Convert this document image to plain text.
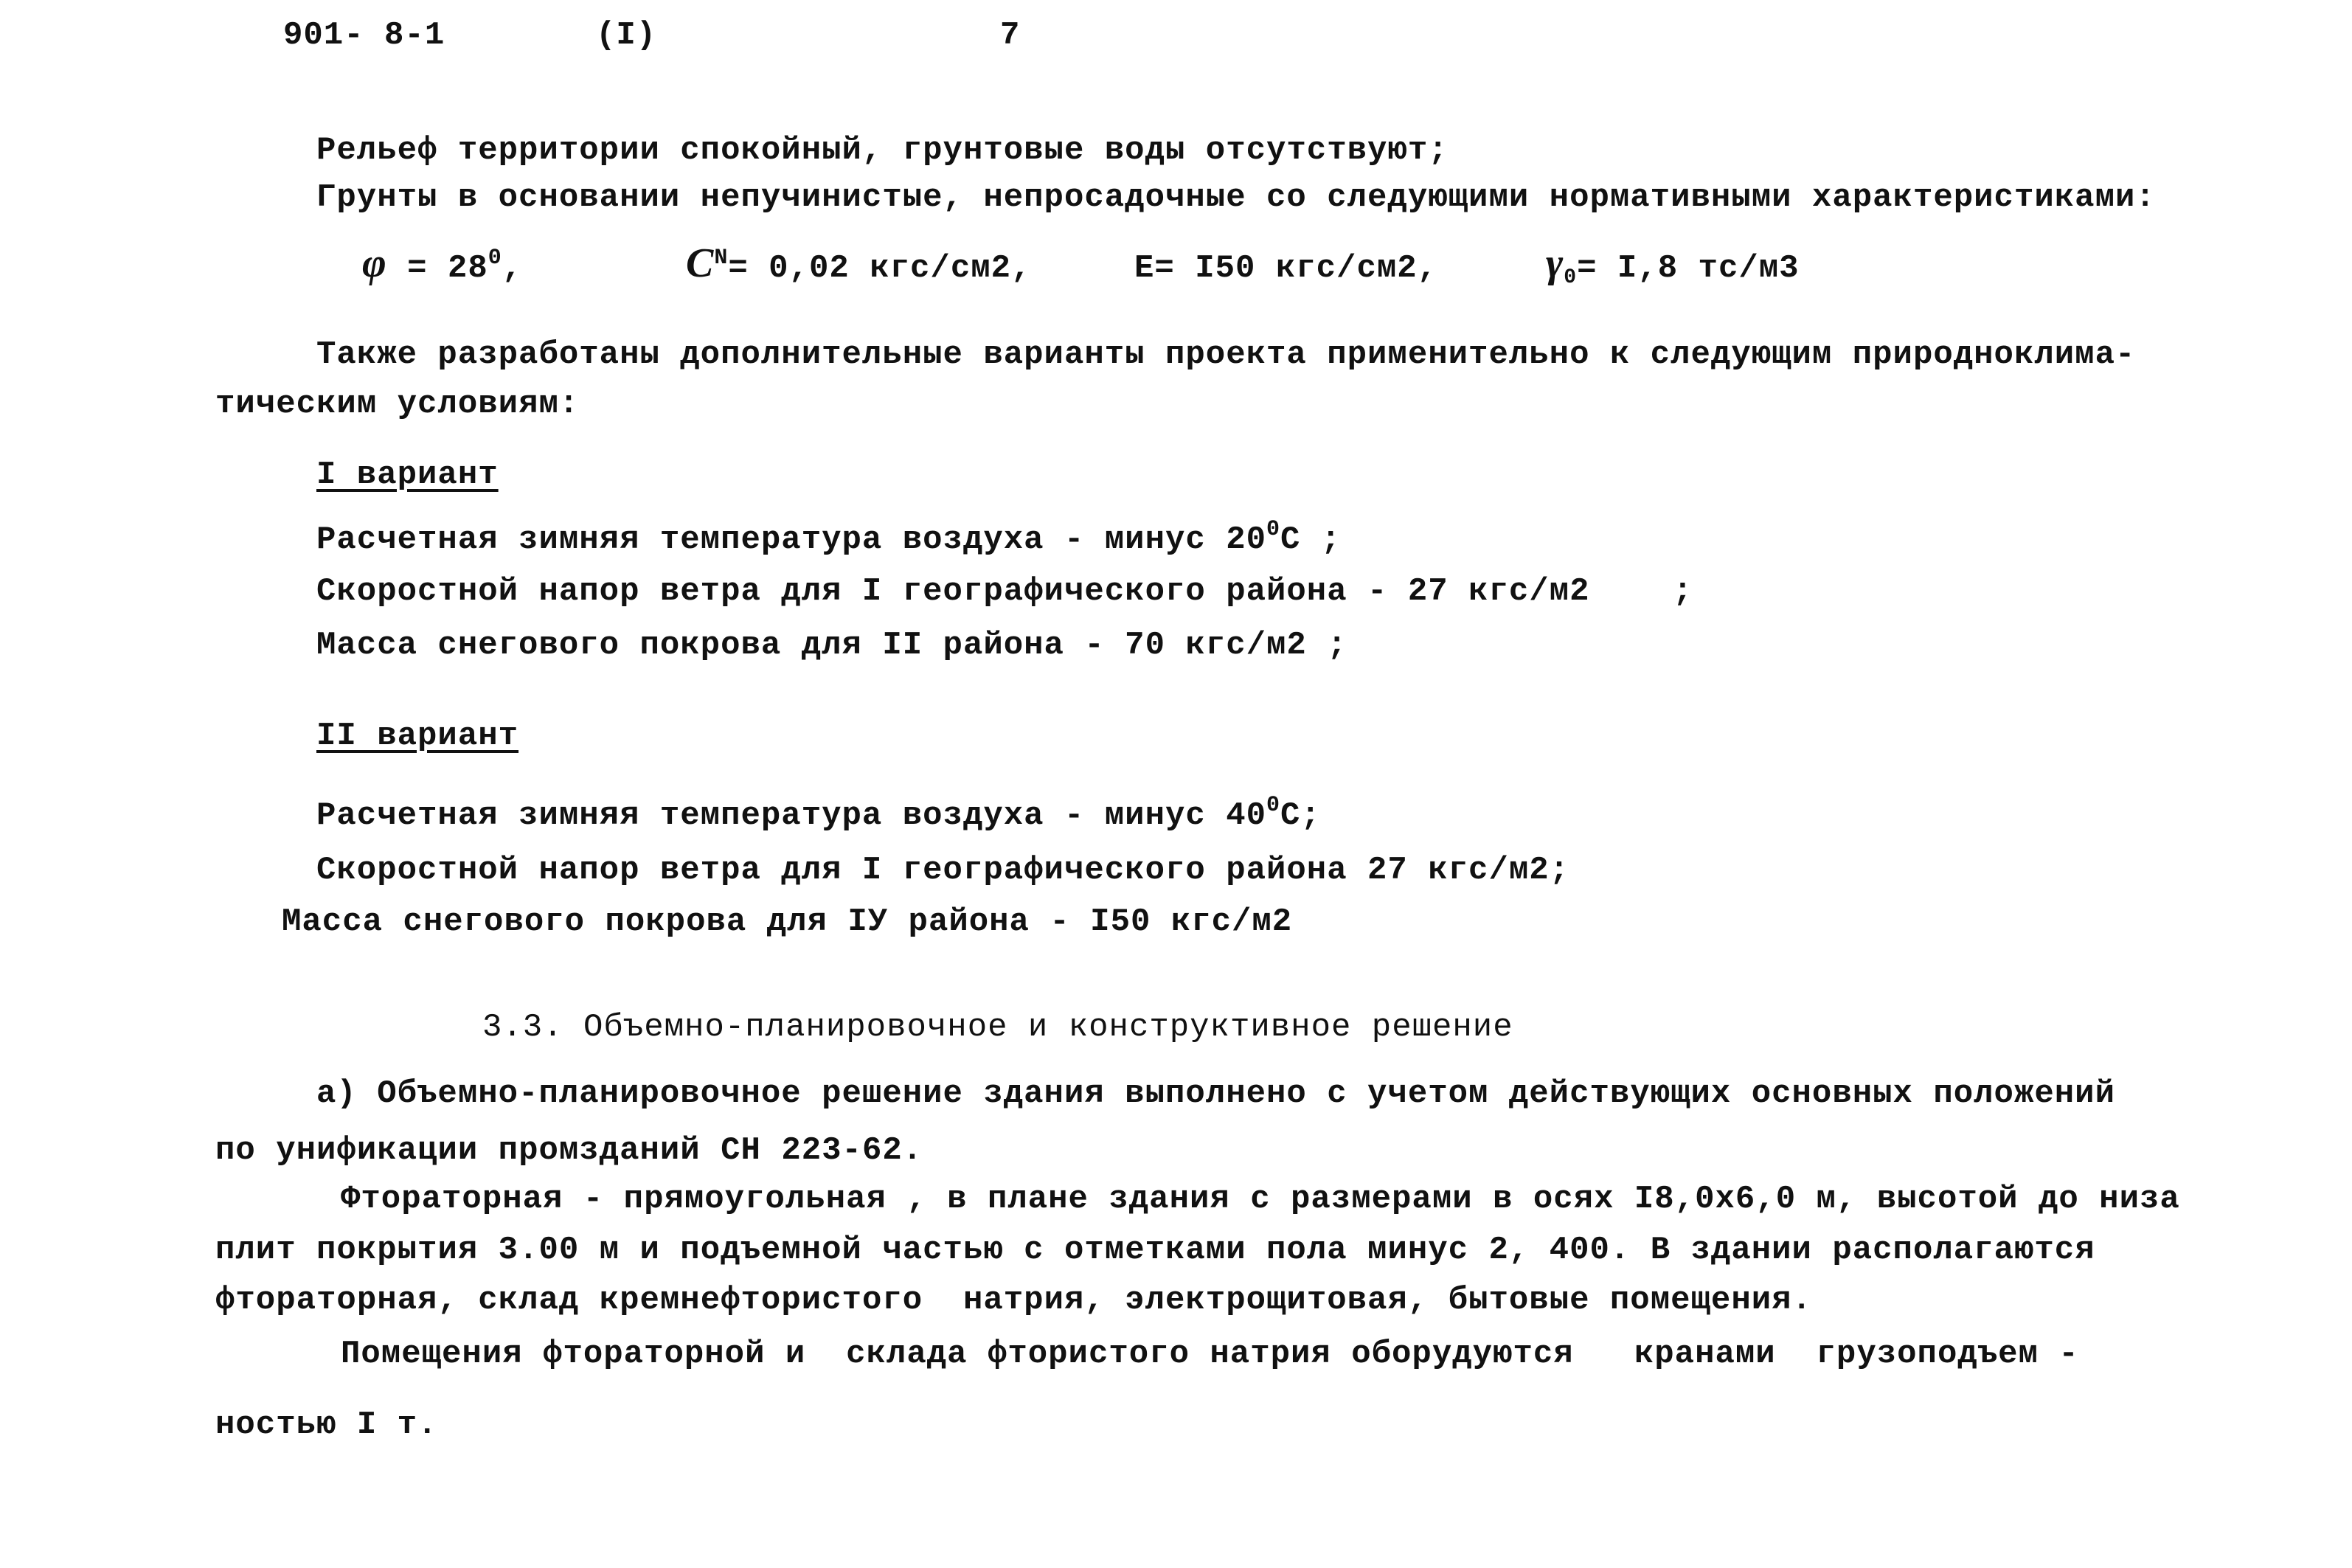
901- 8-1	(I)	7
Рельеф территории спокойный, грунтовые воды отсутствуют;
Грунты в основании непучинистые, непросадочные со следующими нормативными характеристиками:
$\varphi = 28^0$,	$C^N= 0,02$ кгс/см2,	E= I50 кгс/см2,	$\gamma_0= I,8$ тс/м3
Также разработаны дополнительные варианты проекта применительно к следующим природноклима-
тическим условиям:
I вариант
Расчетная зимняя температура воздуха - минус $20^0С$ ;
Скоростной напор ветра для I географического района - 27 кгс/м2	;
Масса снегового покрова для II района - 70 кгс/м2 ;
II вариант
Расчетная зимняя температура воздуха - минус $40^0С$;
Скоростной напор ветра для I географического района 27 кгс/м2;
Масса снегового покрова для IУ района - I50 кгс/м2
3.3. Объемно-планировочное и конструктивное решение
а) Объемно-планировочное решение здания выполнено с учетом действующих основных положений
по унификации промзданий СН 223-62.
Фтораторная - прямоугольная , в плане здания с размерами в осях I8,0х6,0 м, высотой до низа
плит покрытия 3.00 м и подъемной частью с отметками пола минус 2, 400. В здании располагаются
фтораторная, склад кремнефтористого  натрия, электрощитовая, бытовые помещения.
Помещения фтораторной и  склада фтористого натрия оборудуются   кранами  грузоподъем -
ностью I т.
